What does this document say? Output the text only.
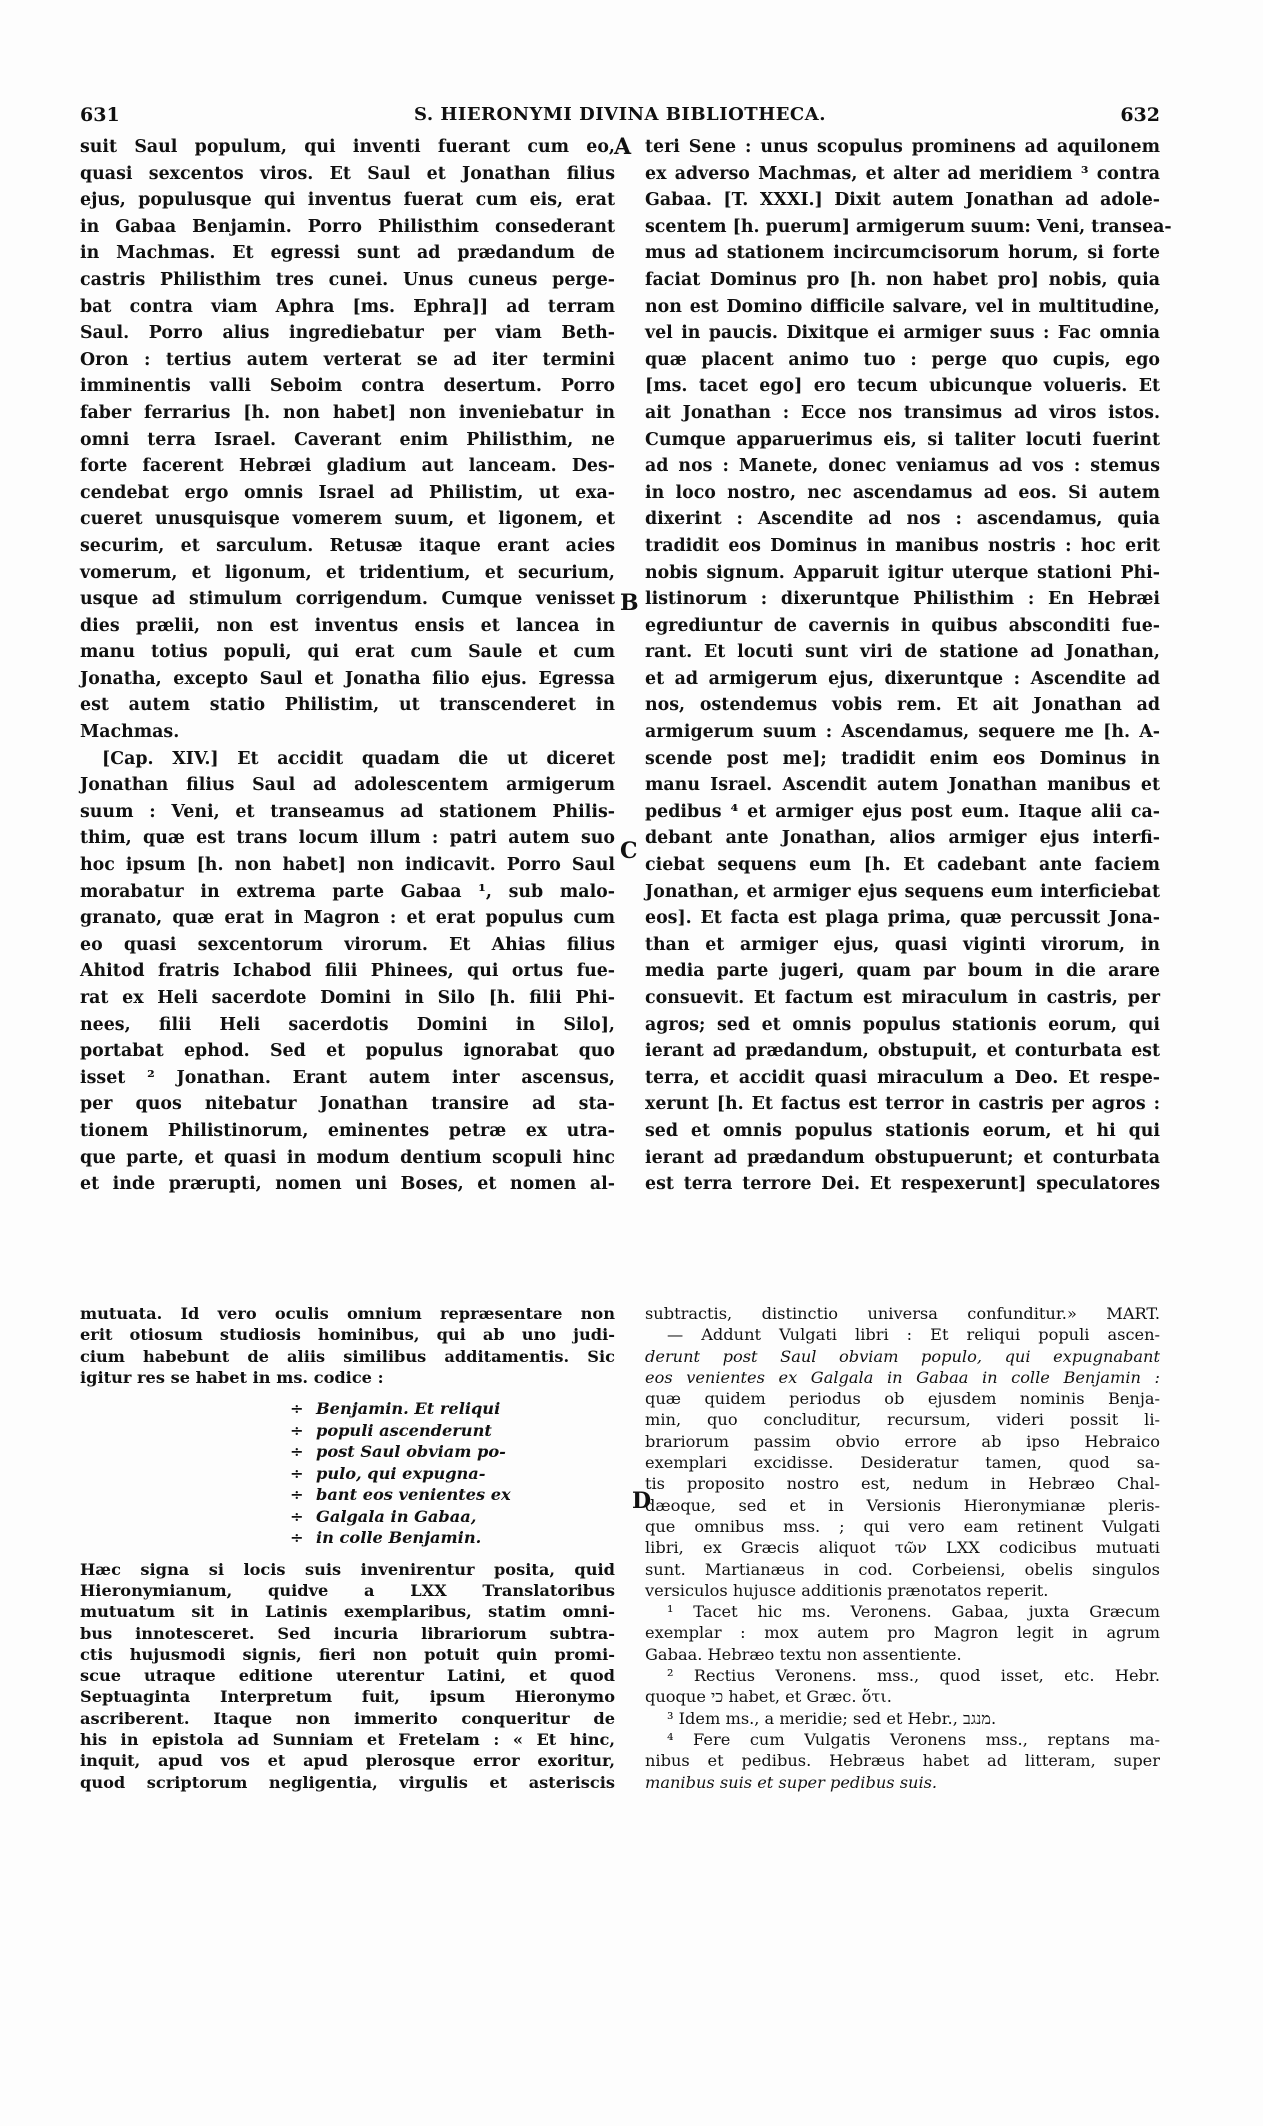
631	S. HIERONYMI DIVINA BIBLIOTHECA.	632
A
B
C
D
suit Saul populum, qui inventi fuerant cum eo,
quasi sexcentos viros. Et Saul et Jonathan filius
ejus, populusque qui inventus fuerat cum eis, erat
in Gabaa Benjamin. Porro Philisthim consederant
in Machmas. Et egressi sunt ad prædandum de
castris Philisthim tres cunei. Unus cuneus perge-
bat contra viam Aphra [ms. Ephra]] ad terram
Saul. Porro alius ingrediebatur per viam Beth-
Oron : tertius autem verterat se ad iter termini
imminentis valli Seboim contra desertum. Porro
faber ferrarius [h. non habet] non inveniebatur in
omni terra Israel. Caverant enim Philisthim, ne
forte facerent Hebræi gladium aut lanceam. Des-
cendebat ergo omnis Israel ad Philistim, ut exa-
cueret unusquisque vomerem suum, et ligonem, et
securim, et sarculum. Retusæ itaque erant acies
vomerum, et ligonum, et tridentium, et securium,
usque ad stimulum corrigendum. Cumque venisset
dies prælii, non est inventus ensis et lancea in
manu totius populi, qui erat cum Saule et cum
Jonatha, excepto Saul et Jonatha filio ejus. Egressa
est autem statio Philistim, ut transcenderet in
Machmas.
[Cap. XIV.] Et accidit quadam die ut diceret
Jonathan filius Saul ad adolescentem armigerum
suum : Veni, et transeamus ad stationem Philis-
thim, quæ est trans locum illum : patri autem suo
hoc ipsum [h. non habet] non indicavit. Porro Saul
morabatur in extrema parte Gabaa ¹, sub malo-
granato, quæ erat in Magron : et erat populus cum
eo quasi sexcentorum virorum. Et Ahias filius
Ahitod fratris Ichabod filii Phinees, qui ortus fue-
rat ex Heli sacerdote Domini in Silo [h. filii Phi-
nees, filii Heli sacerdotis Domini in Silo],
portabat ephod. Sed et populus ignorabat quo
isset ² Jonathan. Erant autem inter ascensus,
per quos nitebatur Jonathan transire ad sta-
tionem Philistinorum, eminentes petræ ex utra-
que parte, et quasi in modum dentium scopuli hinc
et inde prærupti, nomen uni Boses, et nomen al-
teri Sene : unus scopulus prominens ad aquilonem
ex adverso Machmas, et alter ad meridiem ³ contra
Gabaa. [T. XXXI.] Dixit autem Jonathan ad adole-
scentem [h. puerum] armigerum suum: Veni, transea-
mus ad stationem incircumcisorum horum, si forte
faciat Dominus pro [h. non habet pro] nobis, quia
non est Domino difficile salvare, vel in multitudine,
vel in paucis. Dixitque ei armiger suus : Fac omnia
quæ placent animo tuo : perge quo cupis, ego
[ms. tacet ego] ero tecum ubicunque volueris. Et
ait Jonathan : Ecce nos transimus ad viros istos.
Cumque apparuerimus eis, si taliter locuti fuerint
ad nos : Manete, donec veniamus ad vos : stemus
in loco nostro, nec ascendamus ad eos. Si autem
dixerint : Ascendite ad nos : ascendamus, quia
tradidit eos Dominus in manibus nostris : hoc erit
nobis signum. Apparuit igitur uterque stationi Phi-
listinorum : dixeruntque Philisthim : En Hebræi
egrediuntur de cavernis in quibus absconditi fue-
rant. Et locuti sunt viri de statione ad Jonathan,
et ad armigerum ejus, dixeruntque : Ascendite ad
nos, ostendemus vobis rem. Et ait Jonathan ad
armigerum suum : Ascendamus, sequere me [h. A-
scende post me]; tradidit enim eos Dominus in
manu Israel. Ascendit autem Jonathan manibus et
pedibus ⁴ et armiger ejus post eum. Itaque alii ca-
debant ante Jonathan, alios armiger ejus interfi-
ciebat sequens eum [h. Et cadebant ante faciem
Jonathan, et armiger ejus sequens eum interficiebat
eos]. Et facta est plaga prima, quæ percussit Jona-
than et armiger ejus, quasi viginti virorum, in
media parte jugeri, quam par boum in die arare
consuevit. Et factum est miraculum in castris, per
agros; sed et omnis populus stationis eorum, qui
ierant ad prædandum, obstupuit, et conturbata est
terra, et accidit quasi miraculum a Deo. Et respe-
xerunt [h. Et factus est terror in castris per agros :
sed et omnis populus stationis eorum, et hi qui
ierant ad prædandum obstupuerunt; et conturbata
est terra terrore Dei. Et respexerunt] speculatores
mutuata. Id vero oculis omnium repræsentare non
erit otiosum studiosis hominibus, qui ab uno judi-
cium habebunt de aliis similibus additamentis. Sic
igitur res se habet in ms. codice :
÷ Benjamin. Et reliqui
÷ populi ascenderunt
÷ post Saul obviam po-
÷ pulo, qui expugna-
÷ bant eos venientes ex
÷ Galgala in Gabaa,
÷ in colle Benjamin.
Hæc signa si locis suis invenirentur posita, quid
Hieronymianum, quidve a LXX Translatoribus
mutuatum sit in Latinis exemplaribus, statim omni-
bus innotesceret. Sed incuria librariorum subtra-
ctis hujusmodi signis, fieri non potuit quin promi-
scue utraque editione uterentur Latini, et quod
Septuaginta Interpretum fuit, ipsum Hieronymo
ascriberent. Itaque non immerito conqueritur de
his in epistola ad Sunniam et Fretelam : « Et hinc,
inquit, apud vos et apud plerosque error exoritur,
quod scriptorum negligentia, virgulis et asteriscis
subtractis, distinctio universa confunditur.» MART.
— Addunt Vulgati libri : Et reliqui populi ascen-
derunt post Saul obviam populo, qui expugnabant
eos venientes ex Galgala in Gabaa in colle Benjamin :
quæ quidem periodus ob ejusdem nominis Benja-
min, quo concluditur, recursum, videri possit li-
brariorum passim obvio errore ab ipso Hebraico
exemplari excidisse. Desideratur tamen, quod sa-
tis proposito nostro est, nedum in Hebræo Chal-
dæoque, sed et in Versionis Hieronymianæ pleris-
que omnibus mss. ; qui vero eam retinent Vulgati
libri, ex Græcis aliquot τῶν LXX codicibus mutuati
sunt. Martianæus in cod. Corbeiensi, obelis singulos
versiculos hujusce additionis prænotatos reperit.
¹ Tacet hic ms. Veronens. Gabaa, juxta Græcum
exemplar : mox autem pro Magron legit in agrum
Gabaa. Hebræo textu non assentiente.
² Rectius Veronens. mss., quod isset, etc. Hebr.
quoque כי habet, et Græc. ὅτι.
³ Idem ms., a meridie; sed et Hebr., מנגב.
⁴ Fere cum Vulgatis Veronens mss., reptans ma-
nibus et pedibus. Hebræus habet ad litteram, super
manibus suis et super pedibus suis.
